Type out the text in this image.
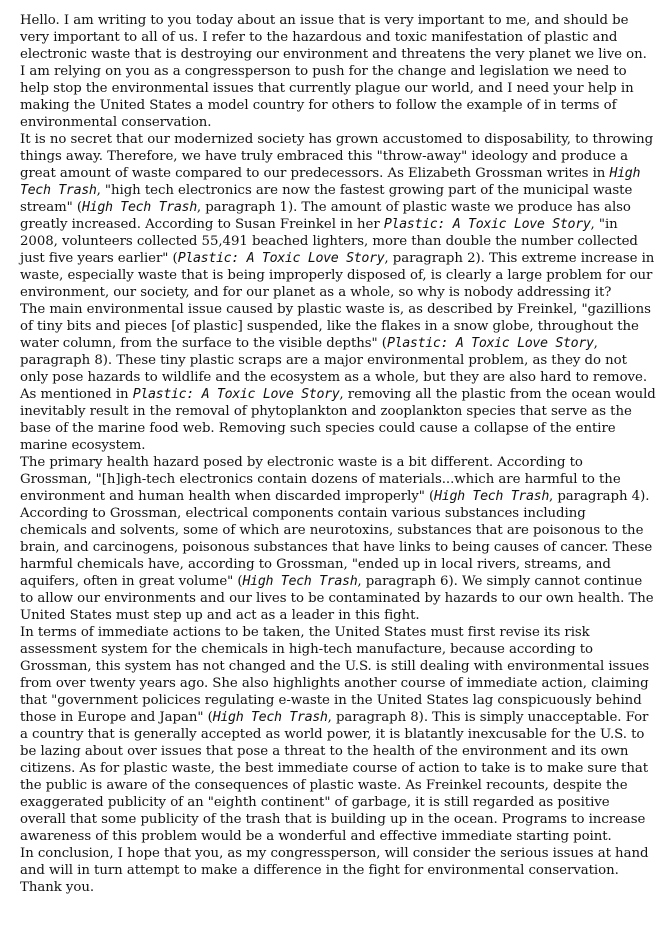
Hello. I am writing to you today about an issue that is very important to me, and should be very important to all of us. I refer to the hazardous and toxic manifestation of plastic and electronic waste that is destroying our environment and threatens the very planet we live on. I am relying on you as a congressperson to push for the change and legislation we need to help stop the environmental issues that currently plague our world, and I need your help in making the United States a model country for others to follow the example of in terms of environmental conservation.

It is no secret that our modernized society has grown accustomed to disposability, to throwing things away. Therefore, we have truly embraced this "throw-away" ideology and produce a great amount of waste compared to our predecessors. As Elizabeth Grossman writes in High Tech Trash, "high tech electronics are now the fastest growing part of the municipal waste stream" (High Tech Trash, paragraph 1). The amount of plastic waste we produce has also greatly increased. According to Susan Freinkel in her Plastic: A Toxic Love Story, "in 2008, volunteers collected 55,491 beached lighters, more than double the number collected just five years earlier" (Plastic: A Toxic Love Story, paragraph 2). This extreme increase in waste, especially waste that is being improperly disposed of, is clearly a large problem for our environment, our society, and for our planet as a whole, so why is nobody addressing it?

The main environmental issue caused by plastic waste is, as described by Freinkel, "gazillions of tiny bits and pieces [of plastic] suspended, like the flakes in a snow globe, throughout the water column, from the surface to the visible depths" (Plastic: A Toxic Love Story, paragraph 8). These tiny plastic scraps are a major environmental problem, as they do not only pose hazards to wildlife and the ecosystem as a whole, but they are also hard to remove. As mentioned in Plastic: A Toxic Love Story, removing all the plastic from the ocean would inevitably result in the removal of phytoplankton and zooplankton species that serve as the base of the marine food web. Removing such species could cause a collapse of the entire marine ecosystem.

The primary health hazard posed by electronic waste is a bit different. According to Grossman, "[h]igh-tech electronics contain dozens of materials...which are harmful to the environment and human health when discarded improperly" (High Tech Trash, paragraph 4). According to Grossman, electrical components contain various substances including chemicals and solvents, some of which are neurotoxins, substances that are poisonous to the brain, and carcinogens, poisonous substances that have links to being causes of cancer. These harmful chemicals have, according to Grossman, "ended up in local rivers, streams, and aquifers, often in great volume" (High Tech Trash, paragraph 6). We simply cannot continue to allow our environments and our lives to be contaminated by hazards to our own health. The United States must step up and act as a leader in this fight.

In terms of immediate actions to be taken, the United States must first revise its risk assessment system for the chemicals in high-tech manufacture, because according to Grossman, this system has not changed and the U.S. is still dealing with environmental issues from over twenty years ago. She also highlights another course of immediate action, claiming that "government policices regulating e-waste in the United States lag conspicuously behind those in Europe and Japan" (High Tech Trash, paragraph 8). This is simply unacceptable. For a country that is generally accepted as world power, it is blatantly inexcusable for the U.S. to be lazing about over issues that pose a threat to the health of the environment and its own citizens. As for plastic waste, the best immediate course of action to take is to make sure that the public is aware of the consequences of plastic waste. As Freinkel recounts, despite the exaggerated publicity of an "eighth continent" of garbage, it is still regarded as positive overall that some publicity of the trash that is building up in the ocean. Programs to increase awareness of this problem would be a wonderful and effective immediate starting point.

In conclusion, I hope that you, as my congressperson, will consider the serious issues at hand and will in turn attempt to make a difference in the fight for environmental conservation. Thank you.
